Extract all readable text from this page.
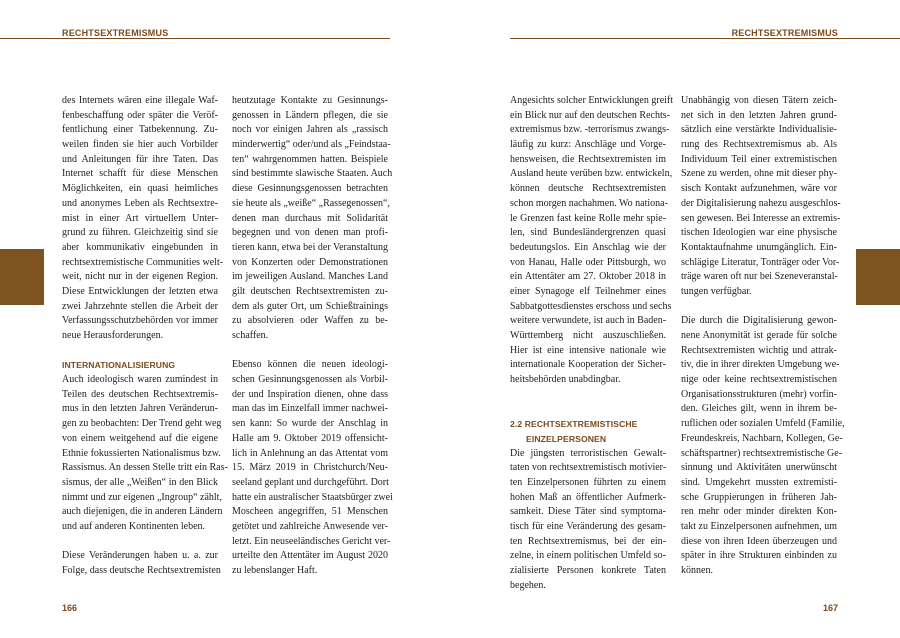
RECHTSEXTREMISMUS

des Internets wären eine illegale Waf-
fenbeschaffung oder später die Veröf-
fentlichung einer Tatbekennung. Zu-
weilen finden sie hier auch Vorbilder
und Anleitungen für ihre Taten. Das
Internet schafft für diese Menschen
Möglichkeiten, ein quasi heimliches
und anonymes Leben als Rechtsextre-
mist in einer Art virtuellem Unter-
grund zu führen. Gleichzeitig sind sie
aber kommunikativ eingebunden in
rechtsextremistische Communities welt-
weit, nicht nur in der eigenen Region.
Diese Entwicklungen der letzten etwa
zwei Jahrzehnte stellen die Arbeit der
Verfassungsschutzbehörden vor immer
neue Herausforderungen.

INTERNATIONALISIERUNG

Auch ideologisch waren zumindest in
Teilen des deutschen Rechtsextremis-
mus in den letzten Jahren Veränderun-
gen zu beobachten: Der Trend geht weg
von einem weitgehend auf die eigene
Ethnie fokussierten Nationalismus bzw.
Rassismus. An dessen Stelle tritt ein Ras-
sismus, der alle „Weißen“ in den Blick
nimmt und zur eigenen „Ingroup“ zählt,
auch diejenigen, die in anderen Ländern
und auf anderen Kontinenten leben.

Diese Veränderungen haben u. a. zur
Folge, dass deutsche Rechtsextremisten

heutzutage Kontakte zu Gesinnungs-
genossen in Ländern pflegen, die sie
noch vor einigen Jahren als „rassisch
minderwertig“ oder/und als „Feindstaa-
ten“ wahrgenommen hatten. Beispiele
sind bestimmte slawische Staaten. Auch
diese Gesinnungsgenossen betrachten
sie heute als „weiße“ „Rassegenossen“,
denen man durchaus mit Solidarität
begegnen und von denen man profi-
tieren kann, etwa bei der Veranstaltung
von Konzerten oder Demonstrationen
im jeweiligen Ausland. Manches Land
gilt deutschen Rechtsextremisten zu-
dem als guter Ort, um Schießtrainings
zu absolvieren oder Waffen zu be-
schaffen.

Ebenso können die neuen ideologi-
schen Gesinnungsgenossen als Vorbil-
der und Inspiration dienen, ohne dass
man das im Einzelfall immer nachwei-
sen kann: So wurde der Anschlag in
Halle am 9. Oktober 2019 offensicht-
lich in Anlehnung an das Attentat vom
15. März 2019 in Christchurch/Neu-
seeland geplant und durchgeführt. Dort
hatte ein australischer Staatsbürger zwei
Moscheen angegriffen, 51 Menschen
getötet und zahlreiche Anwesende ver-
letzt. Ein neuseeländisches Gericht ver-
urteilte den Attentäter im August 2020
zu lebenslanger Haft.

166
RECHTSEXTREMISMUS

Angesichts solcher Entwicklungen greift
ein Blick nur auf den deutschen Rechts-
extremismus bzw. -terrorismus zwangs-
läufig zu kurz: Anschläge und Vorge-
hensweisen, die Rechtsextremisten im
Ausland heute verüben bzw. entwickeln,
können deutsche Rechtsextremisten
schon morgen nachahmen. Wo nationa-
le Grenzen fast keine Rolle mehr spie-
len, sind Bundesländergrenzen quasi
bedeutungslos. Ein Anschlag wie der
von Hanau, Halle oder Pittsburgh, wo
ein Attentäter am 27. Oktober 2018 in
einer Synagoge elf Teilnehmer eines
Sabbatgottesdienstes erschoss und sechs
weitere verwundete, ist auch in Baden-
Württemberg nicht auszuschließen.
Hier ist eine intensive nationale wie
internationale Kooperation der Sicher-
heitsbehörden unabdingbar.

2.2 RECHTSEXTREMISTISCHE
EINZELPERSONEN

Die jüngsten terroristischen Gewalt-
taten von rechtsextremistisch motivier-
ten Einzelpersonen führten zu einem
hohen Maß an öffentlicher Aufmerk-
samkeit. Diese Täter sind symptoma-
tisch für eine Veränderung des gesam-
ten Rechtsextremismus, bei der ein-
zelne, in einem politischen Umfeld so-
zialisierte Personen konkrete Taten
begehen.

Unabhängig von diesen Tätern zeich-
net sich in den letzten Jahren grund-
sätzlich eine verstärkte Individualisie-
rung des Rechtsextremismus ab. Als
Individuum Teil einer extremistischen
Szene zu werden, ohne mit dieser phy-
sisch Kontakt aufzunehmen, wäre vor
der Digitalisierung nahezu ausgeschlos-
sen gewesen. Bei Interesse an extremis-
tischen Ideologien war eine physische
Kontaktaufnahme unumgänglich. Ein-
schlägige Literatur, Tonträger oder Vor-
träge waren oft nur bei Szeneveranstal-
tungen verfügbar.

Die durch die Digitalisierung gewon-
nene Anonymität ist gerade für solche
Rechtsextremisten wichtig und attrak-
tiv, die in ihrer direkten Umgebung we-
nige oder keine rechtsextremistischen
Organisationsstrukturen (mehr) vorfin-
den. Gleiches gilt, wenn in ihrem be-
ruflichen oder sozialen Umfeld (Familie,
Freundeskreis, Nachbarn, Kollegen, Ge-
schäftspartner) rechtsextremistische Ge-
sinnung und Aktivitäten unerwünscht
sind. Umgekehrt mussten extremisti-
sche Gruppierungen in früheren Jah-
ren mehr oder minder direkten Kon-
takt zu Einzelpersonen aufnehmen, um
diese von ihren Ideen überzeugen und
später in ihre Strukturen einbinden zu
können.

167
